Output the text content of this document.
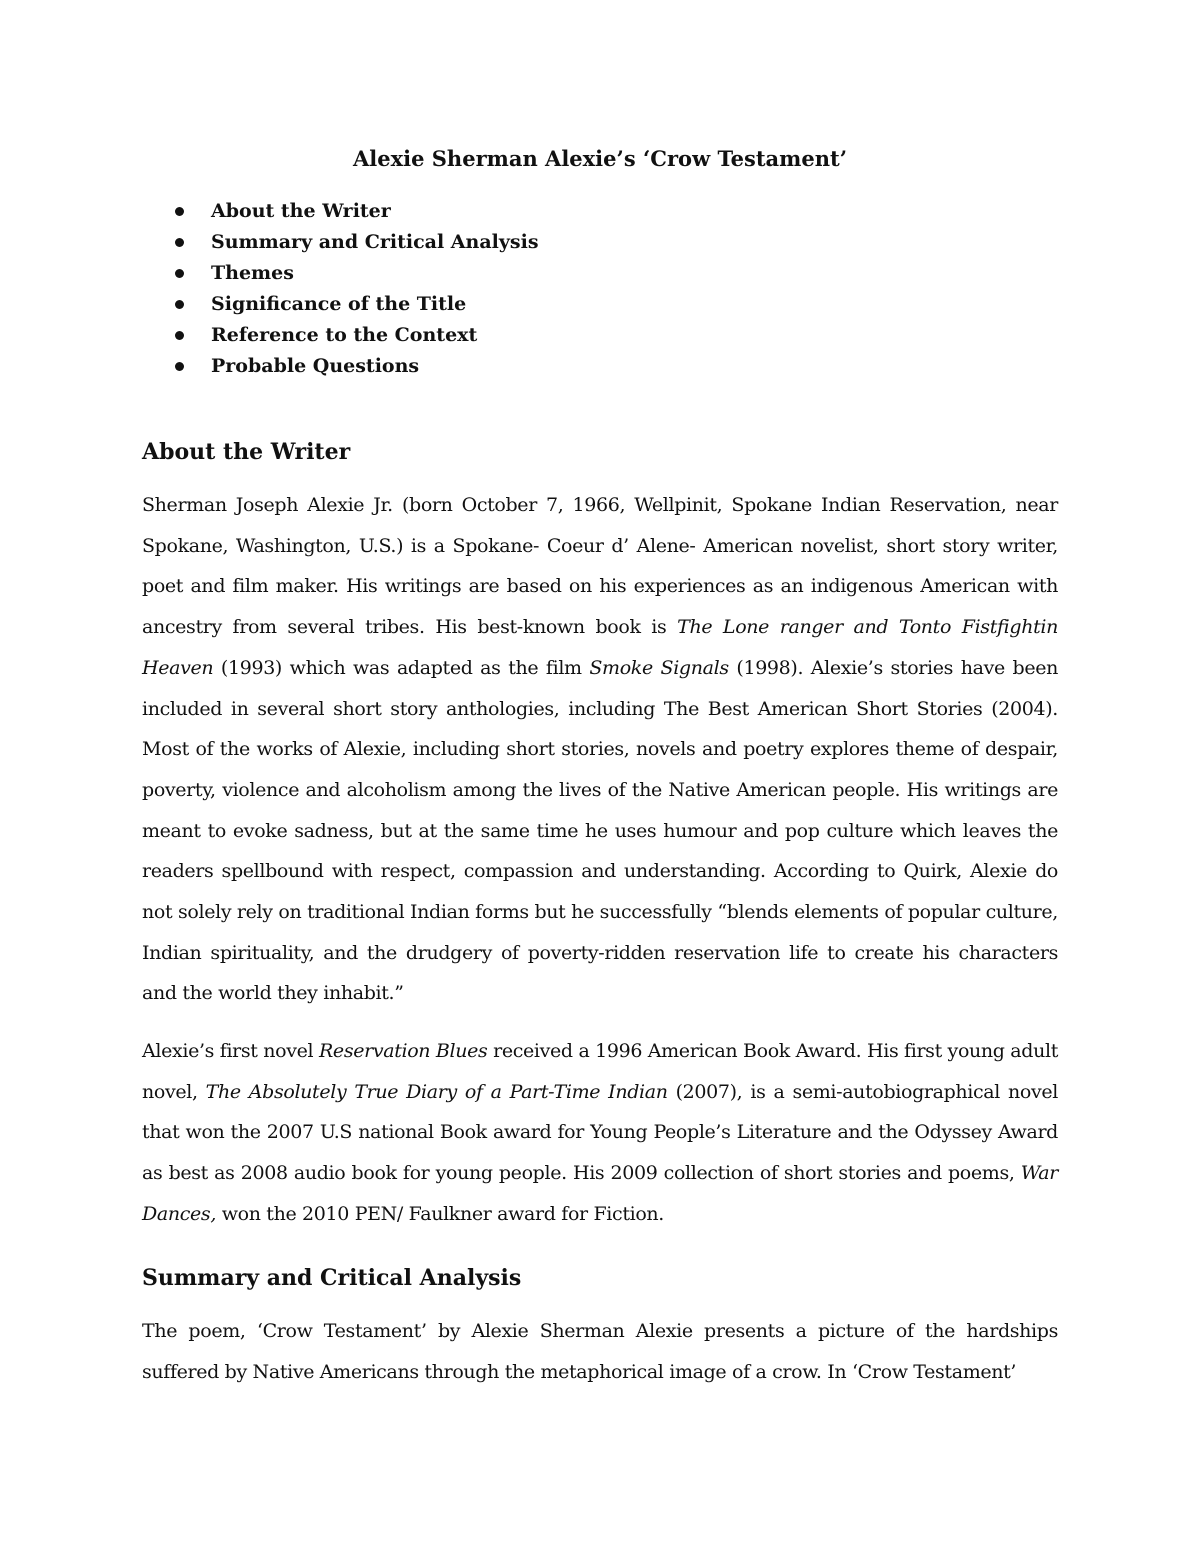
Alexie Sherman Alexie’s ‘Crow Testament’
About the Writer
Summary and Critical Analysis
Themes
Significance of the Title
Reference to the Context
Probable Questions
About the Writer

Sherman Joseph Alexie Jr. (born October 7, 1966, Wellpinit, Spokane Indian Reservation, near Spokane, Washington, U.S.) is a Spokane- Coeur d’ Alene- American novelist, short story writer, poet and film maker. His writings are based on his experiences as an indigenous American with ancestry from several tribes. His best-known book is The Lone ranger and Tonto Fistfightin Heaven (1993) which was adapted as the film Smoke Signals (1998). Alexie’s stories have been included in several short story anthologies, including The Best American Short Stories (2004). Most of the works of Alexie, including short stories, novels and poetry explores theme of despair, poverty, violence and alcoholism among the lives of the Native American people. His writings are meant to evoke sadness, but at the same time he uses humour and pop culture which leaves the readers spellbound with respect, compassion and understanding. According to Quirk, Alexie do not solely rely on traditional Indian forms but he successfully “blends elements of popular culture, Indian spirituality, and the drudgery of poverty-ridden reservation life to create his characters and the world they inhabit.”

Alexie’s first novel Reservation Blues received a 1996 American Book Award. His first young adult novel, The Absolutely True Diary of a Part-Time Indian (2007), is a semi-autobiographical novel that won the 2007 U.S national Book award for Young People’s Literature and the Odyssey Award as best as 2008 audio book for young people. His 2009 collection of short stories and poems, War Dances, won the 2010 PEN/ Faulkner award for Fiction.

Summary and Critical Analysis

The poem, ‘Crow Testament’ by Alexie Sherman Alexie presents a picture of the hardships suffered by Native Americans through the metaphorical image of a crow. In ‘Crow Testament’
